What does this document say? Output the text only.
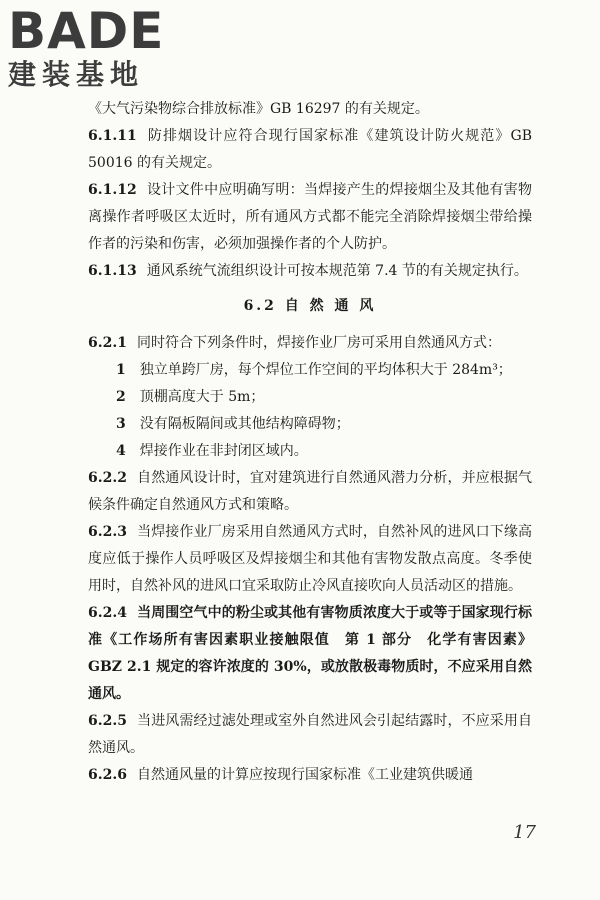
BADE
建装基地

《大气污染物综合排放标准》GB 16297 的有关规定。

6.1.11 防排烟设计应符合现行国家标准《建筑设计防火规范》GB 50016 的有关规定。

6.1.12 设计文件中应明确写明：当焊接产生的焊接烟尘及其他有害物离操作者呼吸区太近时，所有通风方式都不能完全消除焊接烟尘带给操作者的污染和伤害，必须加强操作者的个人防护。

6.1.13 通风系统气流组织设计可按本规范第 7.4 节的有关规定执行。

6.2 自 然 通 风

6.2.1 同时符合下列条件时，焊接作业厂房可采用自然通风方式：

1 独立单跨厂房，每个焊位工作空间的平均体积大于 284m³；

2 顶棚高度大于 5m；

3 没有隔板隔间或其他结构障碍物；

4 焊接作业在非封闭区域内。

6.2.2 自然通风设计时，宜对建筑进行自然通风潜力分析，并应根据气候条件确定自然通风方式和策略。

6.2.3 当焊接作业厂房采用自然通风方式时，自然补风的进风口下缘高度应低于操作人员呼吸区及焊接烟尘和其他有害物发散点高度。冬季使用时，自然补风的进风口宜采取防止冷风直接吹向人员活动区的措施。

6.2.4 当周围空气中的粉尘或其他有害物质浓度大于或等于国家现行标准《工作场所有害因素职业接触限值　第 1 部分　化学有害因素》GBZ 2.1 规定的容许浓度的 30%，或放散极毒物质时，不应采用自然通风。

6.2.5 当进风需经过滤处理或室外自然进风会引起结露时，不应采用自然通风。

6.2.6 自然通风量的计算应按现行国家标准《工业建筑供暖通

17
